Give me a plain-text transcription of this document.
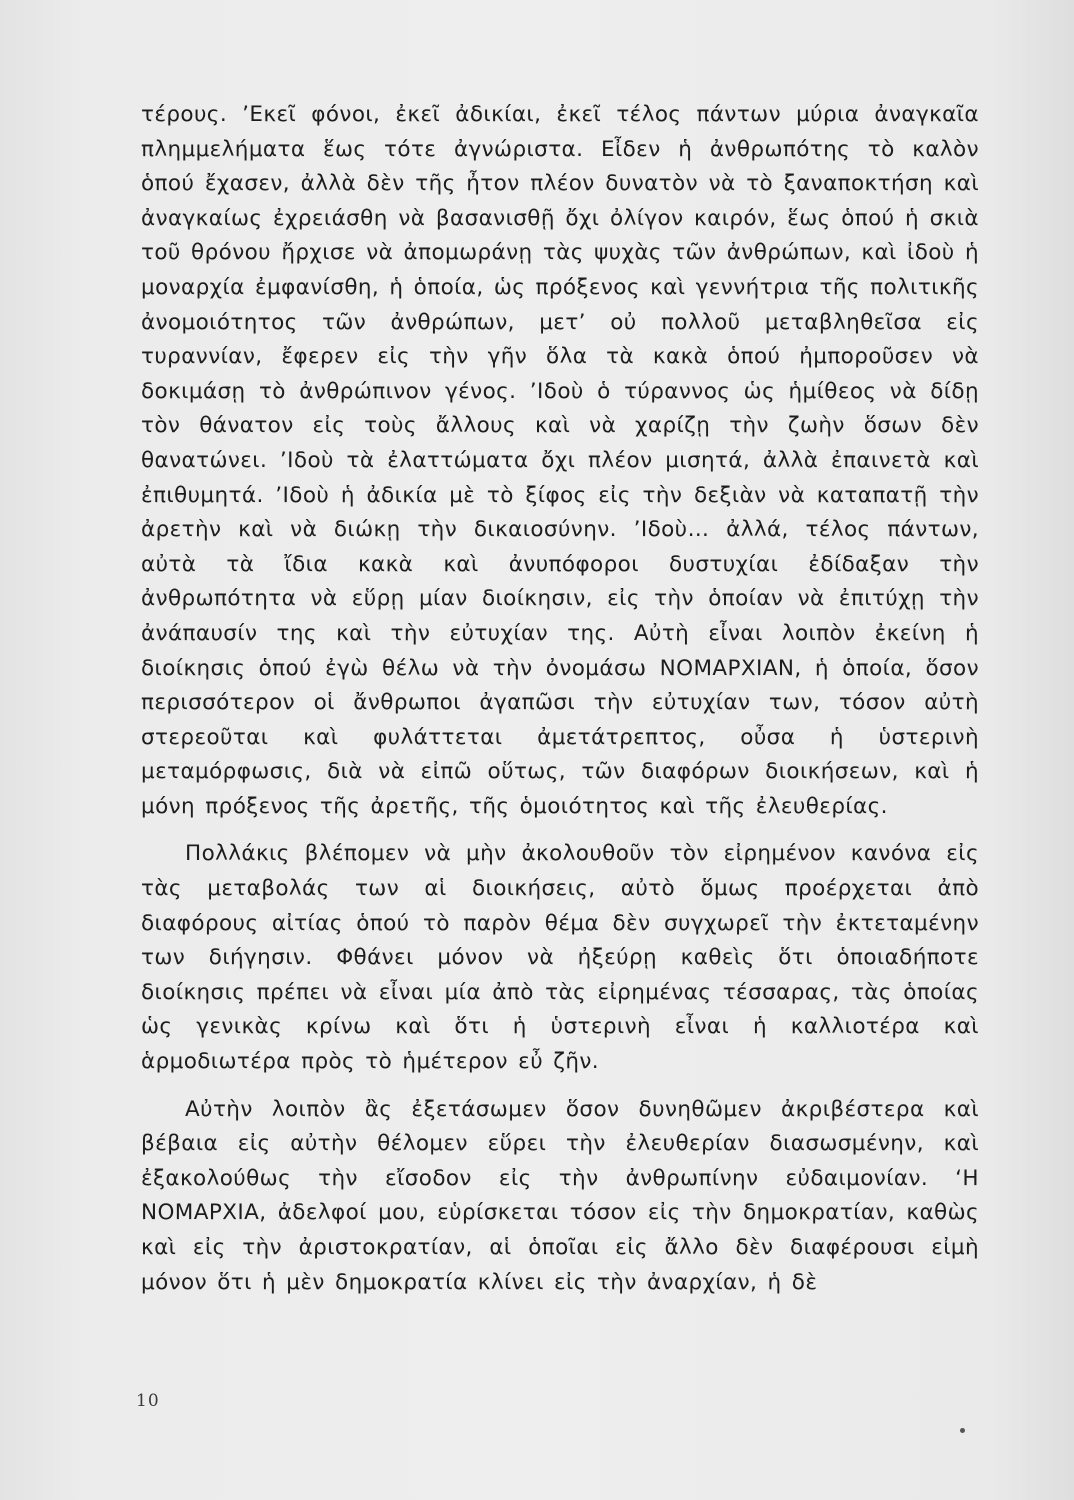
τέρους. ’Εκεῖ φόνοι, ἐκεῖ ἀδικίαι, ἐκεῖ τέλος πάντων μύρια ἀναγκαῖα πλημμελήματα ἕως τότε ἀγνώριστα. Εἶδεν ἡ ἀνθρωπότης τὸ καλὸν ὁπού ἔχασεν, ἀλλὰ δὲν τῆς ἦτον πλέον δυνατὸν νὰ τὸ ξαναποκτήση καὶ ἀναγκαίως ἐχρειάσθη νὰ βασανισθῇ ὄχι ὀλίγον καιρόν, ἕως ὁπού ἡ σκιὰ τοῦ θρόνου ἤρχισε νὰ ἀπομωράνῃ τὰς ψυχὰς τῶν ἀνθρώπων, καὶ ἰδοὺ ἡ μοναρχία ἐμφανίσθη, ἡ ὁποία, ὡς πρόξενος καὶ γεννήτρια τῆς πολιτικῆς ἀνομοιότητος τῶν ἀνθρώπων, μετ’ οὐ πολλοῦ μεταβληθεῖσα εἰς τυραννίαν, ἔφερεν εἰς τὴν γῆν ὅλα τὰ κακὰ ὁπού ἠμποροῦσεν νὰ δοκιμάσῃ τὸ ἀνθρώπινον γένος. ’Ιδοὺ ὁ τύραννος ὡς ἡμίθεος νὰ δίδῃ τὸν θάνατον εἰς τοὺς ἄλλους καὶ νὰ χαρίζῃ τὴν ζωὴν ὅσων δὲν θανατώνει. ’Ιδοὺ τὰ ἐλαττώματα ὄχι πλέον μισητά, ἀλλὰ ἐπαινετὰ καὶ ἐπιθυμητά. ’Ιδοὺ ἡ ἀδικία μὲ τὸ ξίφος εἰς τὴν δεξιὰν νὰ καταπατῇ τὴν ἀρετὴν καὶ νὰ διώκῃ τὴν δικαιοσύνην. ’Ιδοὺ… ἀλλά, τέλος πάντων, αὐτὰ τὰ ἴδια κακὰ καὶ ἀνυπόφοροι δυστυχίαι ἐδίδαξαν τὴν ἀνθρωπότητα νὰ εὕρῃ μίαν διοίκησιν, εἰς τὴν ὁποίαν νὰ ἐπιτύχῃ τὴν ἀνάπαυσίν της καὶ τὴν εὐτυχίαν της. Αὐτὴ εἶναι λοιπὸν ἐκείνη ἡ διοίκησις ὁπού ἐγὼ θέλω νὰ τὴν ὀνομάσω ΝΟΜΑΡΧΙΑΝ, ἡ ὁποία, ὅσον περισσότερον οἱ ἄνθρωποι ἀγαπῶσι τὴν εὐτυχίαν των, τόσον αὐτὴ στερεοῦται καὶ φυλάττεται ἀμετάτρεπτος, οὖσα ἡ ὑστερινὴ μεταμόρφωσις, διὰ νὰ εἰπῶ οὕτως, τῶν διαφόρων διοικήσεων, καὶ ἡ μόνη πρόξενος τῆς ἀρετῆς, τῆς ὁμοιότητος καὶ τῆς ἐλευθερίας.

Πολλάκις βλέπομεν νὰ μὴν ἀκολουθοῦν τὸν εἰρημένον κανόνα εἰς τὰς μεταβολάς των αἱ διοικήσεις, αὐτὸ ὅμως προέρχεται ἀπὸ διαφόρους αἰτίας ὁπού τὸ παρὸν θέμα δὲν συγχωρεῖ τὴν ἐκτεταμένην των διήγησιν. Φθάνει μόνον νὰ ἠξεύρῃ καθεὶς ὅτι ὁποιαδήποτε διοίκησις πρέπει νὰ εἶναι μία ἀπὸ τὰς εἰρημένας τέσσαρας, τὰς ὁποίας ὡς γενικὰς κρίνω καὶ ὅτι ἡ ὑστερινὴ εἶναι ἡ καλλιοτέρα καὶ ἁρμοδιωτέρα πρὸς τὸ ἡμέτερον εὖ ζῆν.

Αὐτὴν λοιπὸν ἂς ἐξετάσωμεν ὅσον δυνηθῶμεν ἀκριβέστερα καὶ βέβαια εἰς αὐτὴν θέλομεν εὕρει τὴν ἐλευθερίαν διασωσμένην, καὶ ἐξακολούθως τὴν εἴσοδον εἰς τὴν ἀνθρωπίνην εὐδαιμονίαν. ‘Η ΝΟΜΑΡΧΙΑ, ἀδελφοί μου, εὑρίσκεται τόσον εἰς τὴν δημοκρατίαν, καθὼς καὶ εἰς τὴν ἀριστοκρατίαν, αἱ ὁποῖαι εἰς ἄλλο δὲν διαφέρουσι εἰμὴ μόνον ὅτι ἡ μὲν δημοκρατία κλίνει εἰς τὴν ἀναρχίαν, ἡ δὲ

10
